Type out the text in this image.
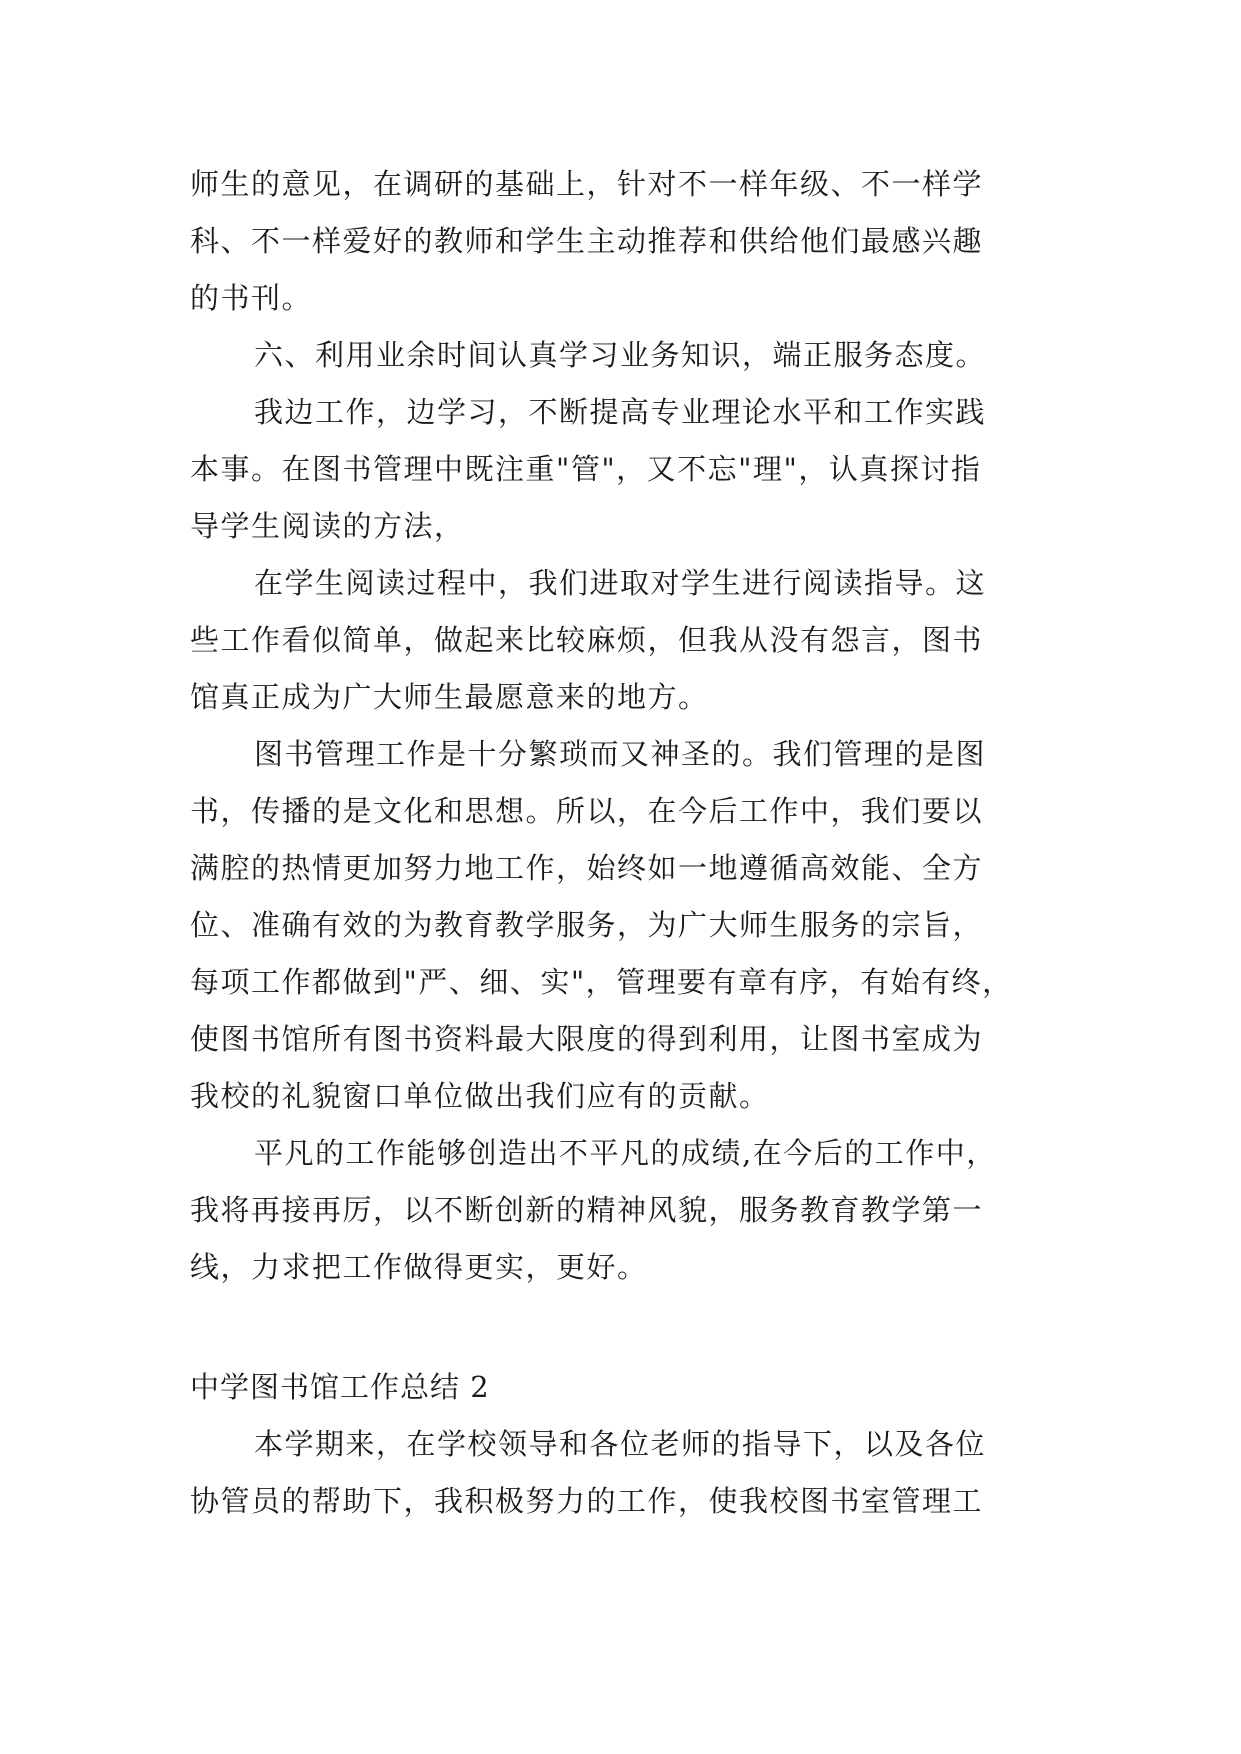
师生的意见，在调研的基础上，针对不一样年级、不一样学
科、不一样爱好的教师和学生主动推荐和供给他们最感兴趣
的书刊。
六、利用业余时间认真学习业务知识，端正服务态度。
我边工作，边学习，不断提高专业理论水平和工作实践
本事。在图书管理中既注重"管"，又不忘"理"，认真探讨指
导学生阅读的方法，
在学生阅读过程中，我们进取对学生进行阅读指导。这
些工作看似简单，做起来比较麻烦，但我从没有怨言，图书
馆真正成为广大师生最愿意来的地方。
图书管理工作是十分繁琐而又神圣的。我们管理的是图
书，传播的是文化和思想。所以，在今后工作中，我们要以
满腔的热情更加努力地工作，始终如一地遵循高效能、全方
位、准确有效的为教育教学服务，为广大师生服务的宗旨，
每项工作都做到"严、细、实"，管理要有章有序，有始有终，
使图书馆所有图书资料最大限度的得到利用，让图书室成为
我校的礼貌窗口单位做出我们应有的贡献。
平凡的工作能够创造出不平凡的成绩,在今后的工作中，
我将再接再厉，以不断创新的精神风貌，服务教育教学第一
线，力求把工作做得更实，更好。
中学图书馆工作总结 2
本学期来，在学校领导和各位老师的指导下，以及各位
协管员的帮助下，我积极努力的工作，使我校图书室管理工
